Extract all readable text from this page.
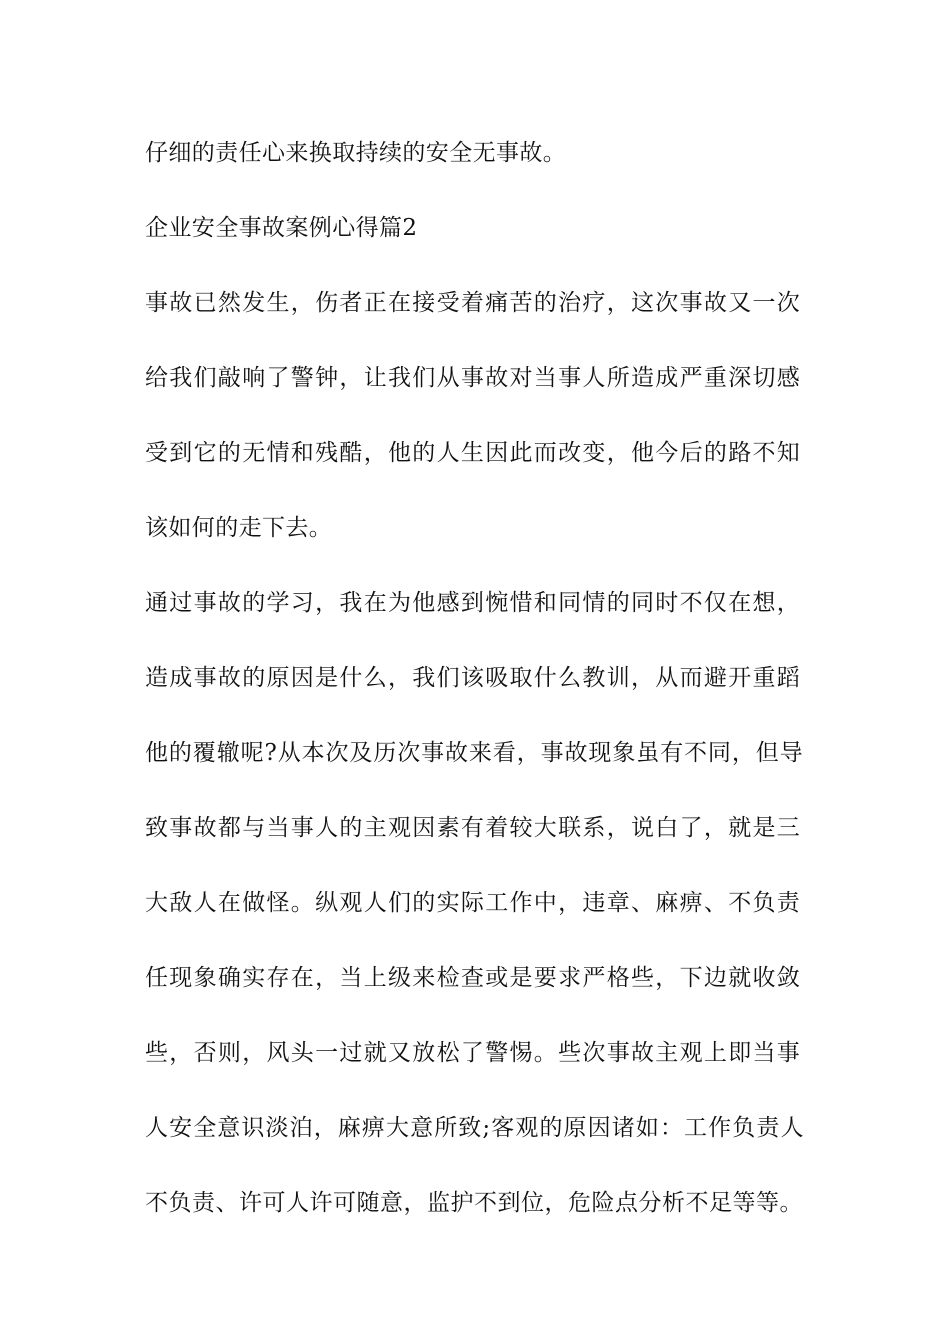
仔细的责任心来换取持续的安全无事故。
企业安全事故案例心得篇2
事故已然发生，伤者正在接受着痛苦的治疗，这次事故又一次
给我们敲响了警钟，让我们从事故对当事人所造成严重深切感
受到它的无情和残酷，他的人生因此而改变，他今后的路不知
该如何的走下去。
通过事故的学习，我在为他感到惋惜和同情的同时不仅在想，
造成事故的原因是什么，我们该吸取什么教训，从而避开重蹈
他的覆辙呢?从本次及历次事故来看，事故现象虽有不同，但导
致事故都与当事人的主观因素有着较大联系，说白了，就是三
大敌人在做怪。纵观人们的实际工作中，违章、麻痹、不负责
任现象确实存在，当上级来检查或是要求严格些，下边就收敛
些，否则，风头一过就又放松了警惕。些次事故主观上即当事
人安全意识淡泊，麻痹大意所致;客观的原因诸如：工作负责人
不负责、许可人许可随意，监护不到位，危险点分析不足等等。
